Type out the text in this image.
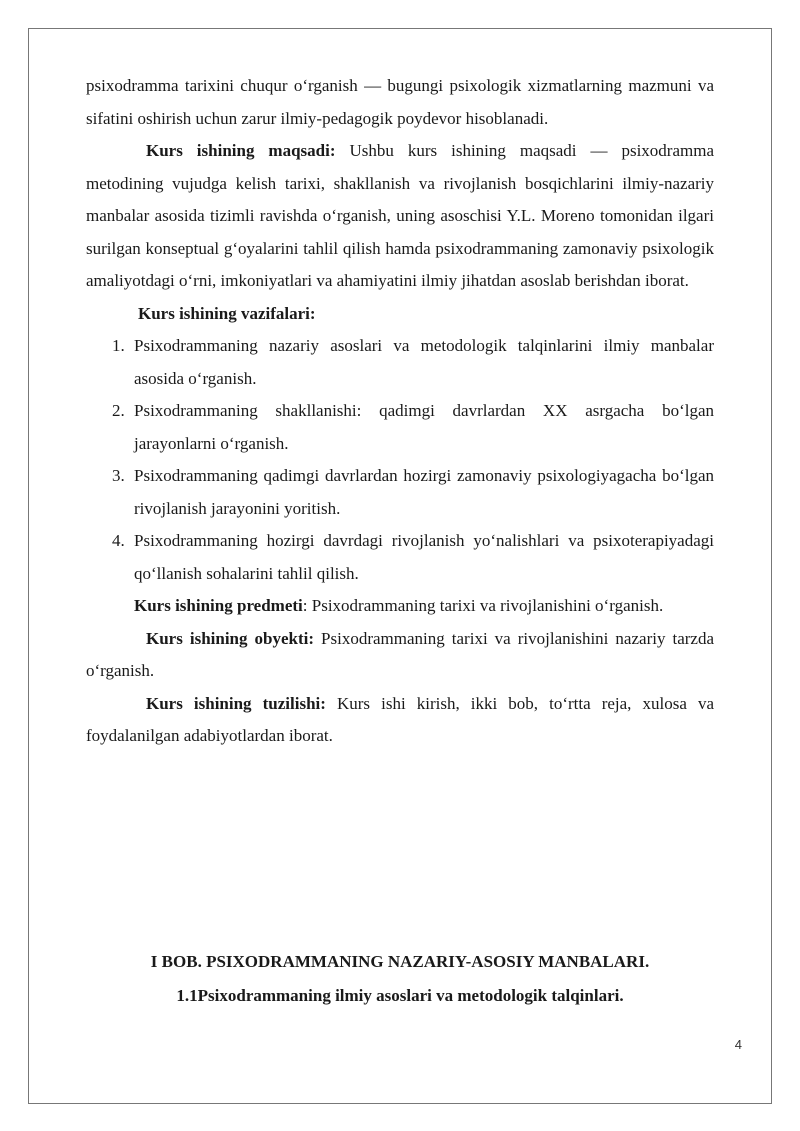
psixodramma tarixini chuqur o‘rganish — bugungi psixologik xizmatlarning mazmuni va sifatini oshirish uchun zarur ilmiy-pedagogik poydevor hisoblanadi.

Kurs ishining maqsadi: Ushbu kurs ishining maqsadi — psixodramma metodining vujudga kelish tarixi, shakllanish va rivojlanish bosqichlarini ilmiy-nazariy manbalar asosida tizimli ravishda o‘rganish, uning asoschisi Y.L. Moreno tomonidan ilgari surilgan konseptual g‘oyalarini tahlil qilish hamda psixodrammaning zamonaviy psixologik amaliyotdagi o‘rni, imkoniyatlari va ahamiyatini ilmiy jihatdan asoslab berishdan iborat.

Kurs ishining vazifalari:

1. Psixodrammaning nazariy asoslari va metodologik talqinlarini ilmiy manbalar asosida o‘rganish.
2. Psixodrammaning shakllanishi: qadimgi davrlardan XX asrgacha bo‘lgan jarayonlarni o‘rganish.
3. Psixodrammaning qadimgi davrlardan hozirgi zamonaviy psixologiyagacha bo‘lgan rivojlanish jarayonini yoritish.
4. Psixodrammaning hozirgi davrdagi rivojlanish yo‘nalishlari va psixoterapiyadagi qo‘llanish sohalarini tahlil qilish.

Kurs ishining predmeti: Psixodrammaning tarixi va rivojlanishini o‘rganish.

Kurs ishining obyekti: Psixodrammaning tarixi va rivojlanishini nazariy tarzda o‘rganish.

Kurs ishining tuzilishi: Kurs ishi kirish, ikki bob, to‘rtta reja, xulosa va foydalanilgan adabiyotlardan iborat.

I BOB. PSIXODRAMMANING NAZARIY-ASOSIY MANBALARI.
1.1Psixodrammaning ilmiy asoslari va metodologik talqinlari.
4
